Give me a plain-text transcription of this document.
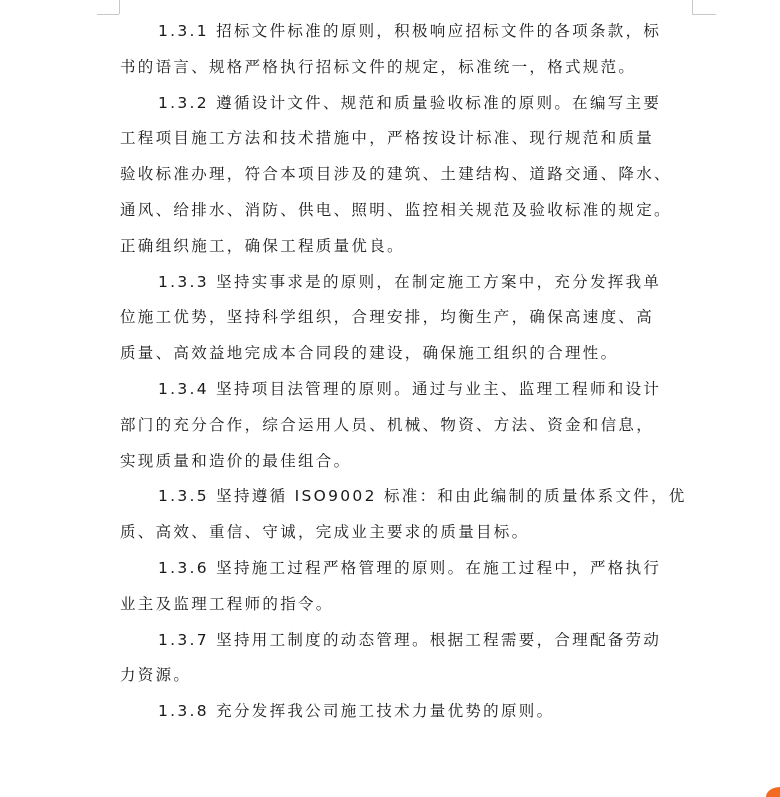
1.3.1 招标文件标准的原则，积极响应招标文件的各项条款，标
书的语言、规格严格执行招标文件的规定，标准统一，格式规范。

1.3.2 遵循设计文件、规范和质量验收标准的原则。在编写主要
工程项目施工方法和技术措施中，严格按设计标准、现行规范和质量
验收标准办理，符合本项目涉及的建筑、土建结构、道路交通、降水、
通风、给排水、消防、供电、照明、监控相关规范及验收标准的规定。
正确组织施工，确保工程质量优良。

1.3.3 坚持实事求是的原则，在制定施工方案中，充分发挥我单
位施工优势，坚持科学组织，合理安排，均衡生产，确保高速度、高
质量、高效益地完成本合同段的建设，确保施工组织的合理性。

1.3.4 坚持项目法管理的原则。通过与业主、监理工程师和设计
部门的充分合作，综合运用人员、机械、物资、方法、资金和信息，
实现质量和造价的最佳组合。

1.3.5 坚持遵循 ISO9002 标准：和由此编制的质量体系文件，优
质、高效、重信、守诚，完成业主要求的质量目标。

1.3.6 坚持施工过程严格管理的原则。在施工过程中，严格执行
业主及监理工程师的指令。

1.3.7 坚持用工制度的动态管理。根据工程需要，合理配备劳动
力资源。

1.3.8 充分发挥我公司施工技术力量优势的原则。
